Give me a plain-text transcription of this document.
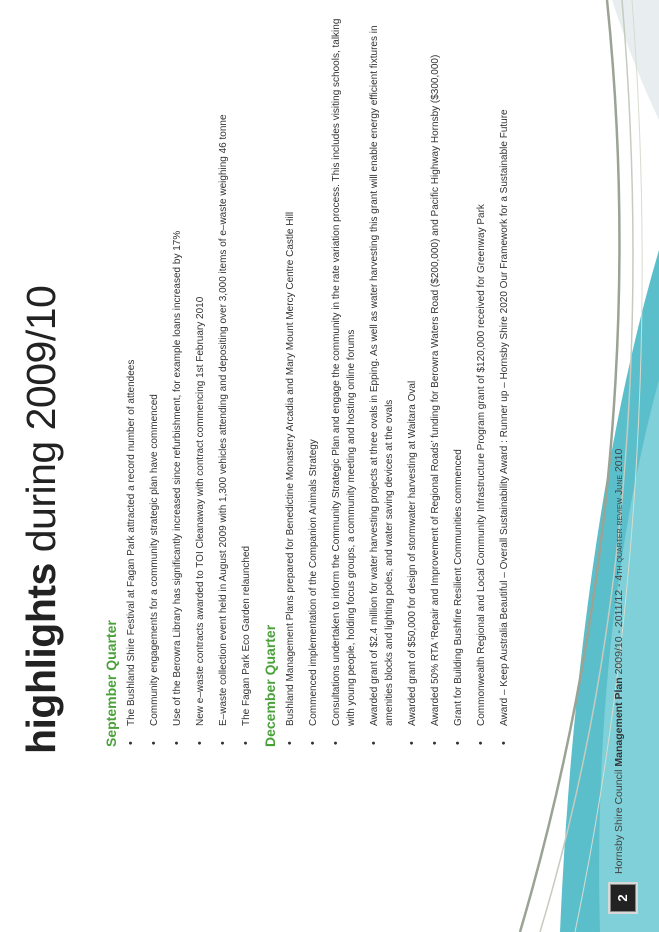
highlights during 2009/10
September Quarter • The Bushland Shire Festival at Fagan Park attracted a record number of attendees • Community engagements for a community strategic plan have commenced • Use of the Berowra Library has significantly increased since refurbishment, for example loans increased by 17% • New e–waste contracts awarded to TOI Cleanaway with contract commencing 1st February 2010 • E–waste collection event held in August 2009 with 1,300 vehicles attending and depositing over 3,000 items of e–waste weighing 46 tonne • The Fagan Park Eco Garden relaunched December Quarter • Bushland Management Plans prepared for Benedictine Monastery Arcadia and Mary Mount Mercy Centre Castle Hill • Commenced implementation of the Companion Animals Strategy • Consultations undertaken to inform the Community Strategic Plan and engage the community in the rate variation process. This includes visiting schools, talking with young people, holding focus groups, a community meeting and hosting online forums • Awarded grant of $2.4 million for water harvesting projects at three ovals in Epping. As well as water harvesting this grant will enable energy efficient fixtures in amenities blocks and lighting poles, and water saving devices at the ovals • Awarded grant of $50,000 for design of stormwater harvesting at Waitara Oval • Awarded 50% RTA ‘Repair and Improvement of Regional Roads’ funding for Berowra Waters Road ($200,000) and Pacific Highway Hornsby ($300,000) • Grant for Building Bushfire Resilient Communities commenced • Commonwealth Regional and Local Community Infrastructure Program grant of $120,000 received for Greenway Park • Award – Keep Australia Beautiful – Overall Sustainability Award : Runner up – Hornsby Shire 2020 Our Framework for a Sustainable Future
2
Hornsby Shire Council Management Plan 2009/10 - 2011/12 - 4th quarter review June 2010
